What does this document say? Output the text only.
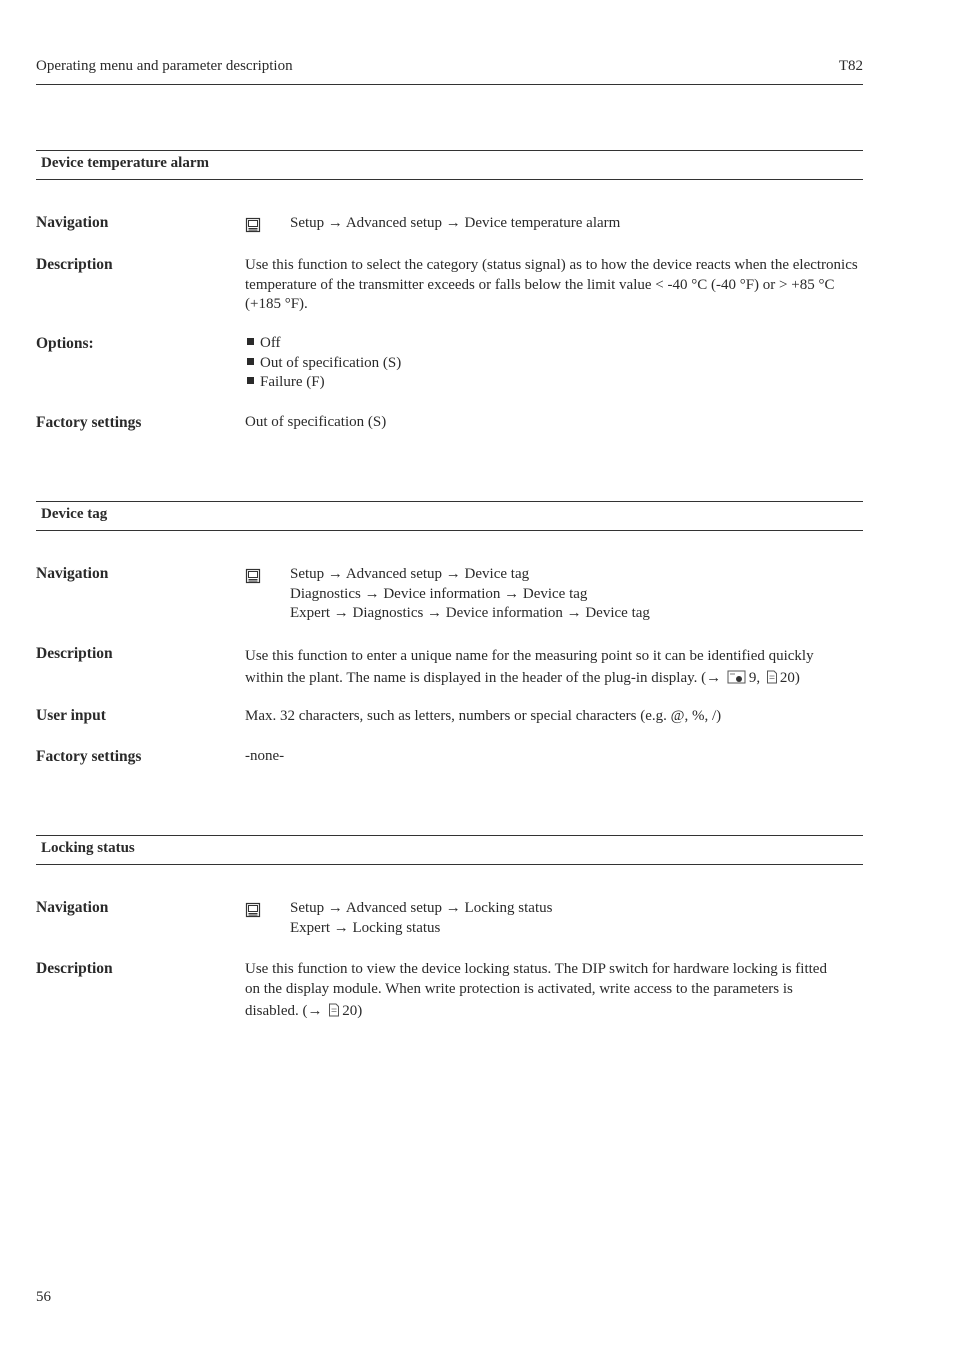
Operating menu and parameter description	T82
Device temperature alarm
Navigation	Setup → Advanced setup → Device temperature alarm
Description	Use this function to select the category (status signal) as to how the device reacts when the electronics temperature of the transmitter exceeds or falls below the limit value < -40 °C (-40 °F) or > +85 °C (+185 °F).
Options:	Off
Out of specification (S)
Failure (F)
Factory settings	Out of specification (S)
Device tag
Navigation	Setup → Advanced setup → Device tag
Diagnostics → Device information → Device tag
Expert → Diagnostics → Device information → Device tag
Description	Use this function to enter a unique name for the measuring point so it can be identified quickly
within the plant. The name is displayed in the header of the plug-in display. (→ 9, 20)
User input	Max. 32 characters, such as letters, numbers or special characters (e.g. @, %, /)
Factory settings	-none-
Locking status
Navigation	Setup → Advanced setup → Locking status
Expert → Locking status
Description	Use this function to view the device locking status. The DIP switch for hardware locking is fitted
on the display module. When write protection is activated, write access to the parameters is
disabled. (→ 20)
56
